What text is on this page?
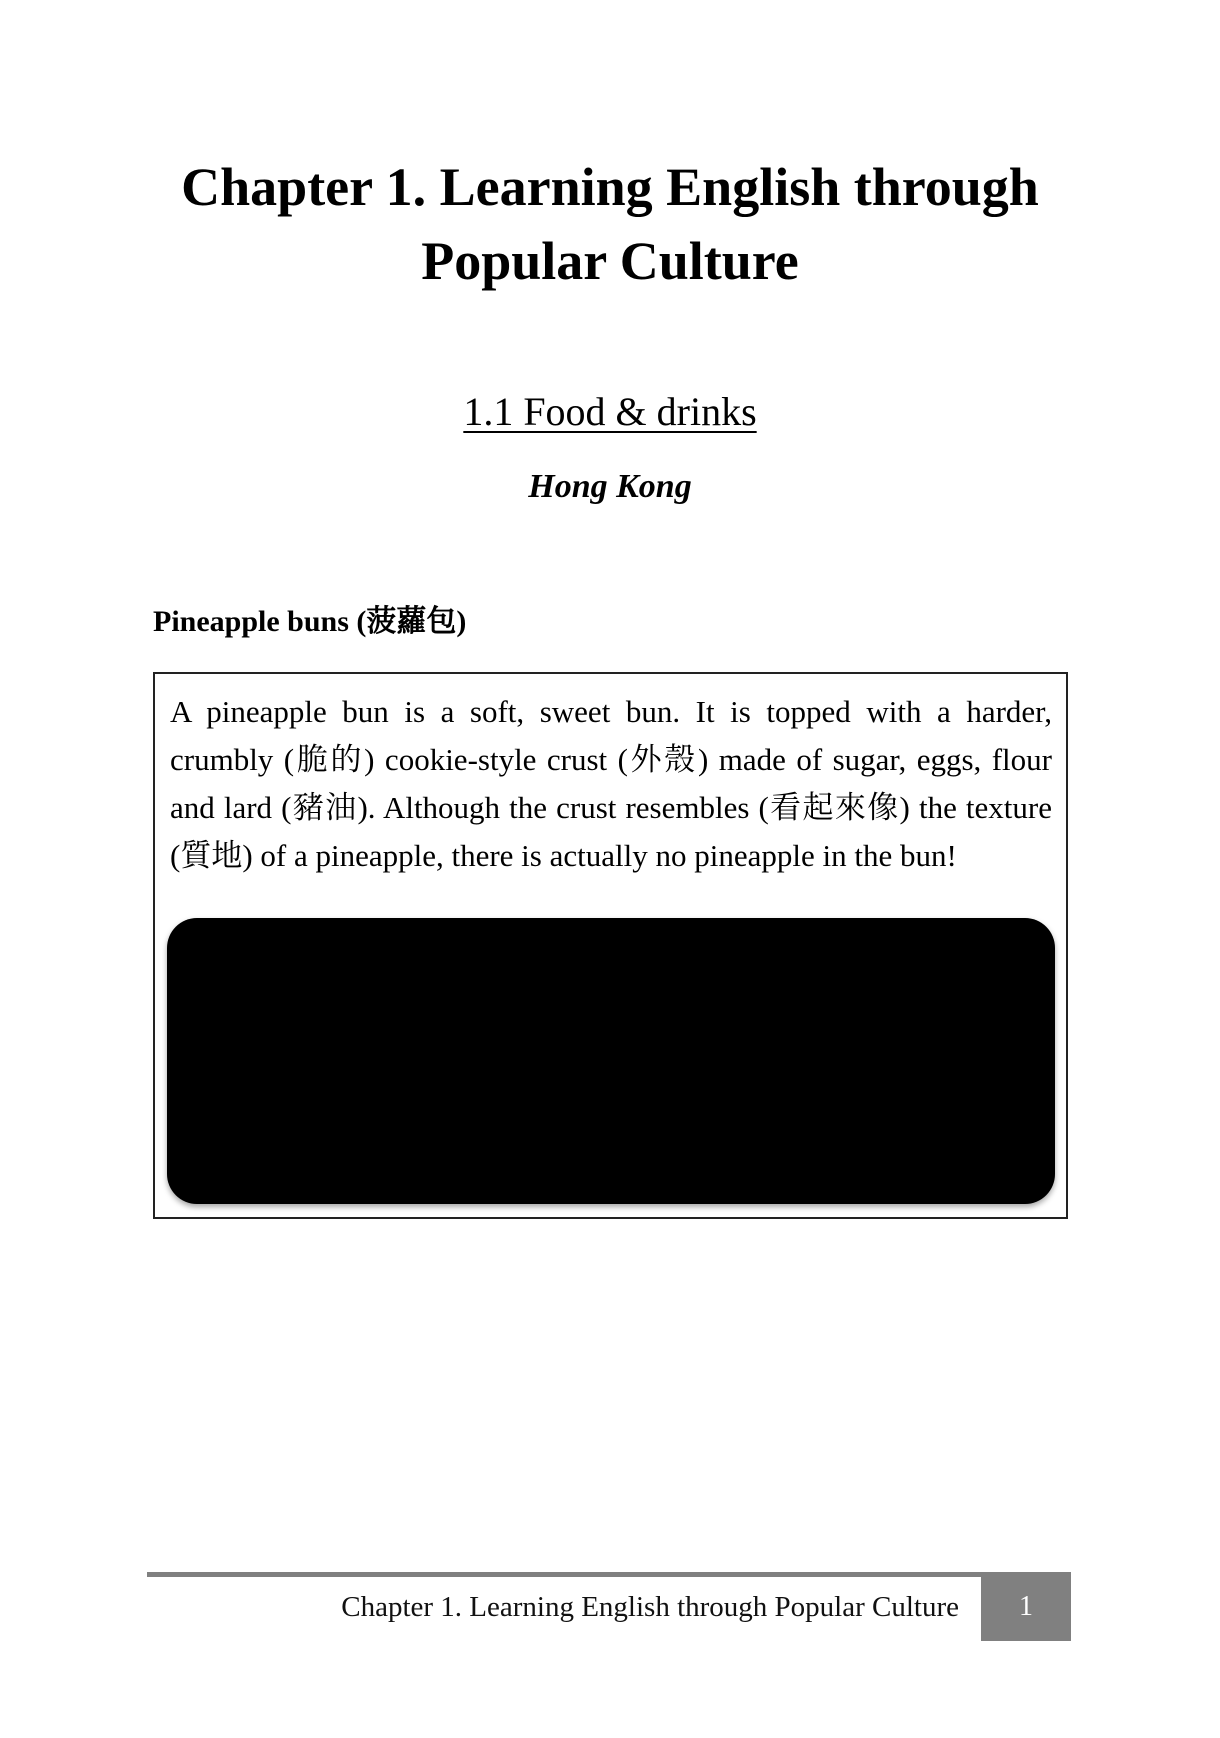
Chapter 1. Learning English through
Popular Culture
1.1 Food & drinks
Hong Kong
Pineapple buns (菠蘿包)

A pineapple bun is a soft, sweet bun. It is topped with a harder, crumbly (脆的) cookie-style crust (外殼) made of sugar, eggs, flour and lard (豬油). Although the crust resembles (看起來像) the texture (質地) of a pineapple, there is actually no pineapple in the bun!

Chapter 1. Learning English through Popular Culture	1
